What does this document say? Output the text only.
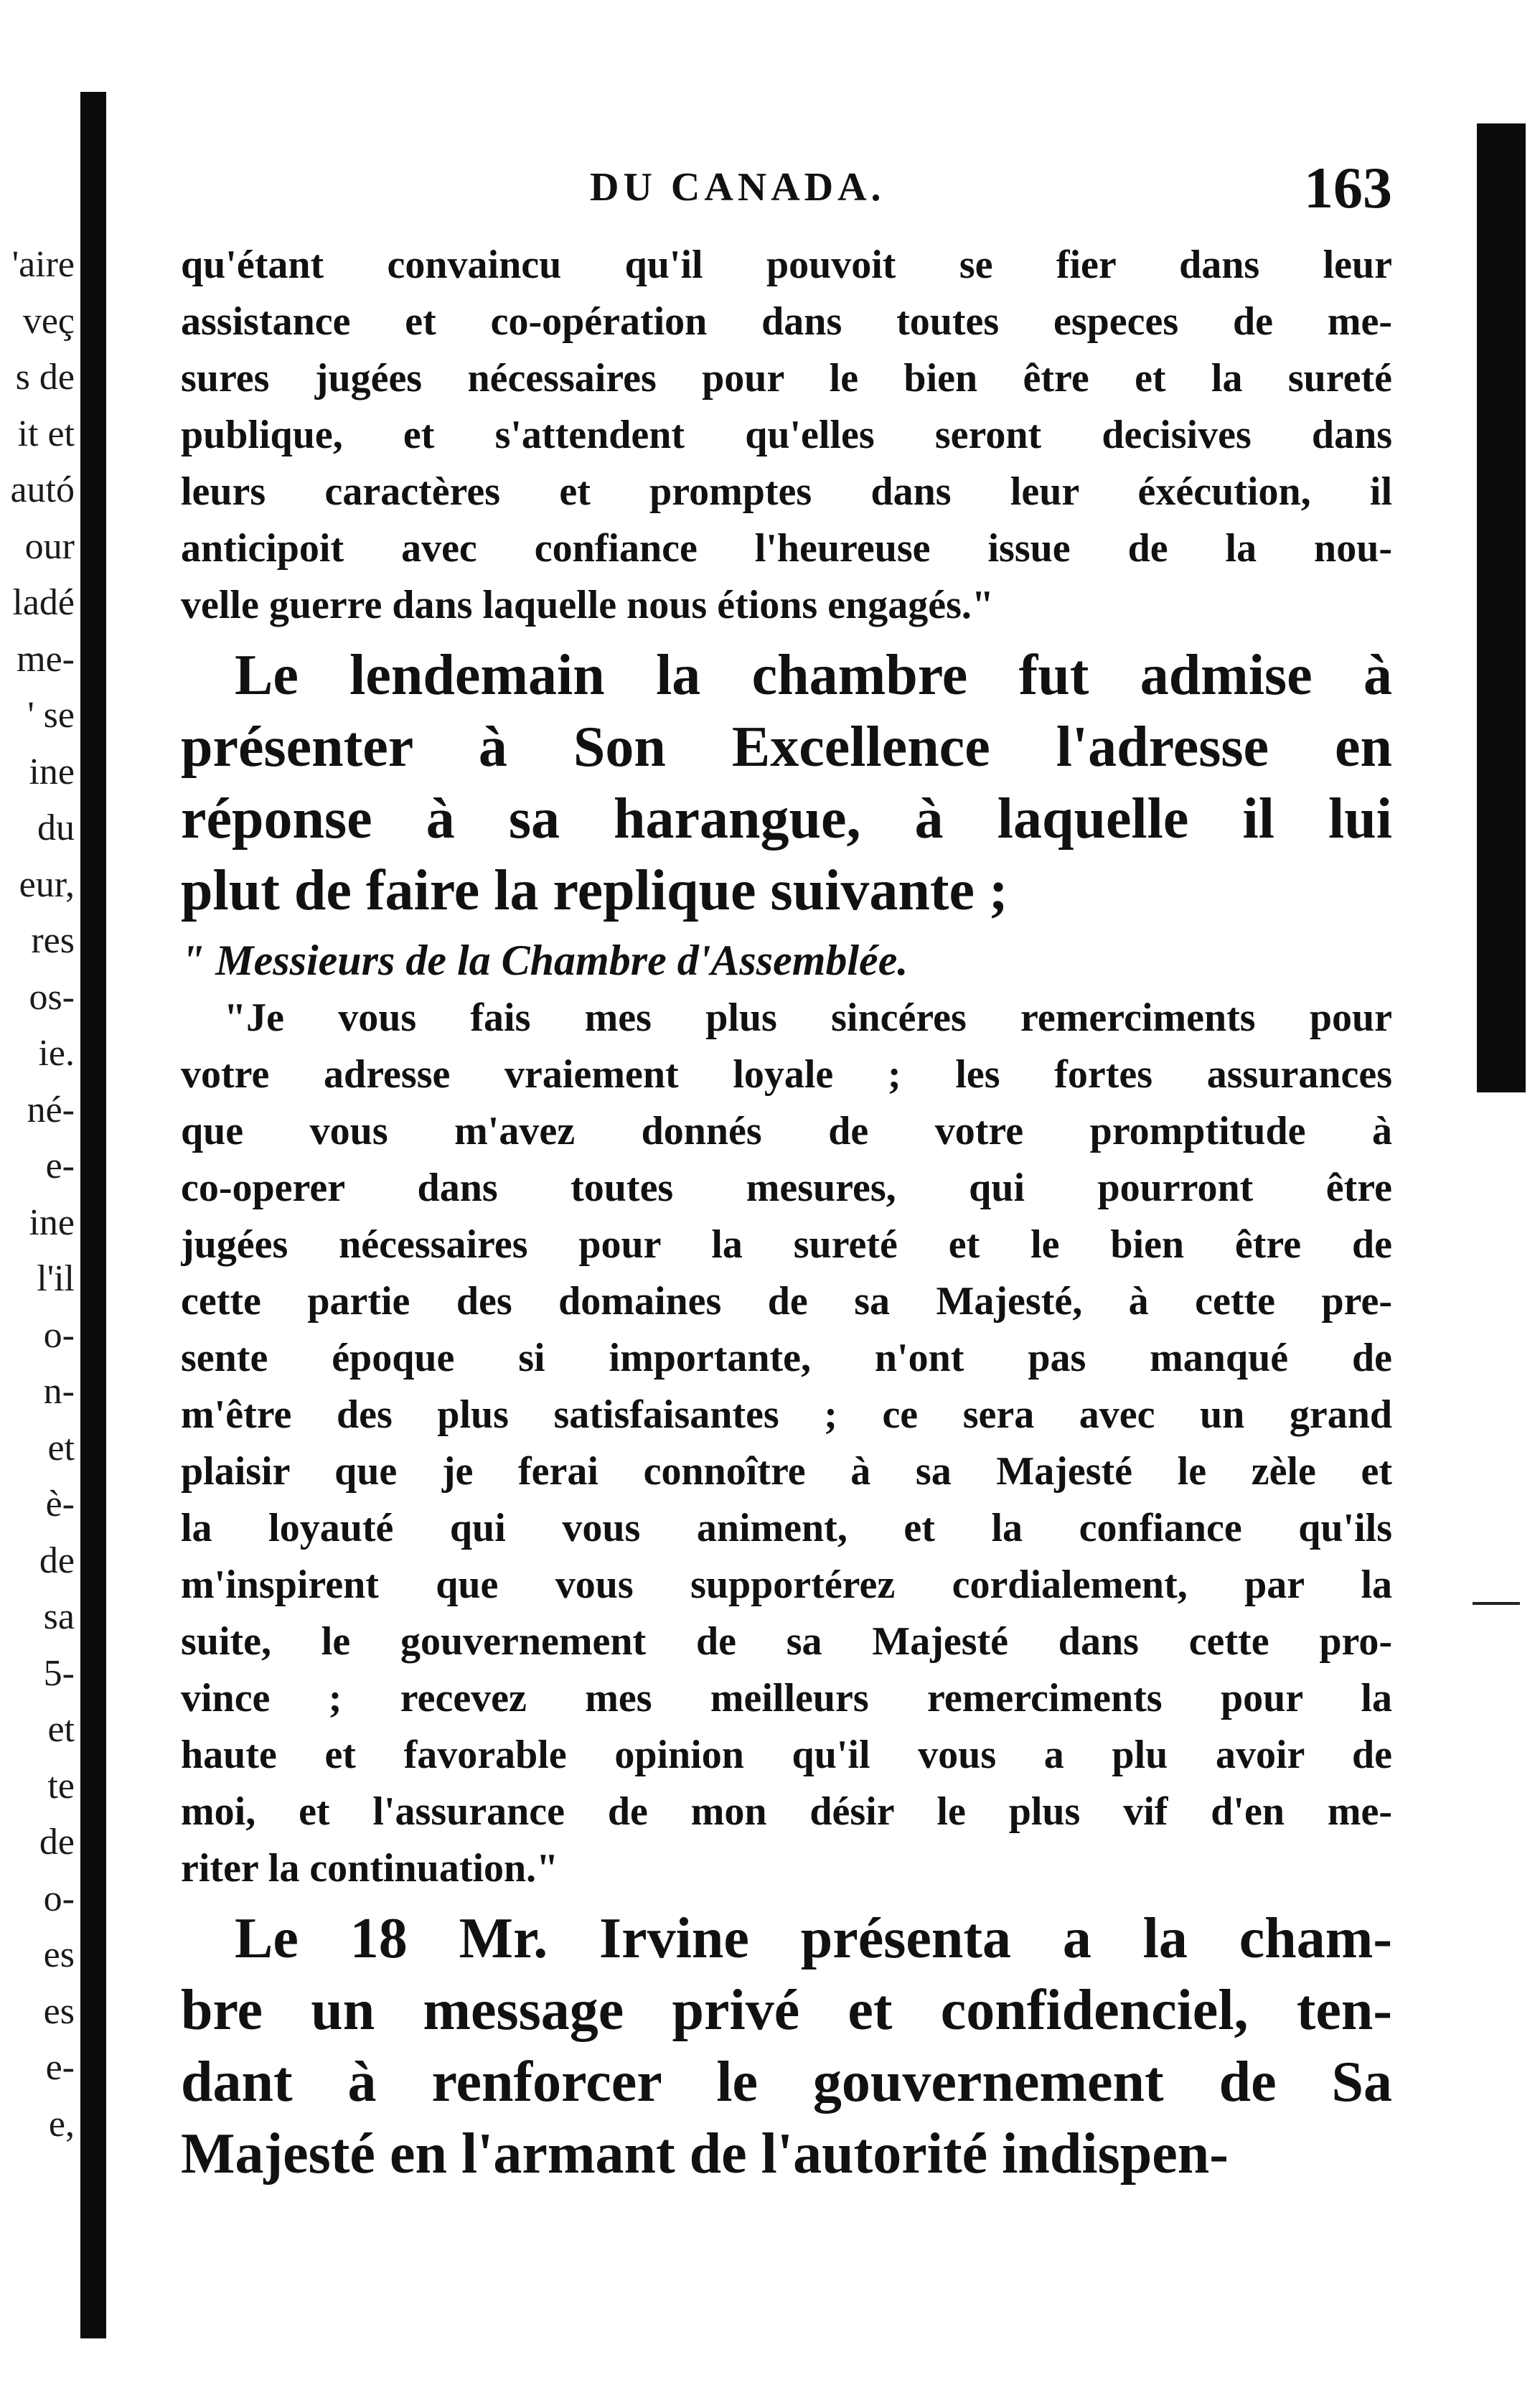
'aire
veç
s de
it et
autó
our
ladé
me-
' se
ine
du
eur,
res
os-
ie.
né-
e-
ine
l'il
o-
n-
et
è-
de
sa
5-
et
te
de
o-
es
es
e-
e,
DU CANADA.	163
qu'étant convaincu qu'il pouvoit se fier dans leur
assistance et co-opération dans toutes especes de me-
sures jugées nécessaires pour le bien être et la sureté
publique, et s'attendent qu'elles seront decisives dans
leurs caractères et promptes dans leur éxécution, il
anticipoit avec confiance l'heureuse issue de la nou-
velle guerre dans laquelle nous étions engagés."
Le lendemain la chambre fut admise à
présenter à Son Excellence l'adresse en
réponse à sa harangue, à laquelle il lui
plut de faire la replique suivante ;
" Messieurs de la Chambre d'Assemblée.
"Je vous fais mes plus sincéres remerciments pour
votre adresse vraiement loyale ; les fortes assurances
que vous m'avez donnés de votre promptitude à
co-operer dans toutes mesures, qui pourront être
jugées nécessaires pour la sureté et le bien être de
cette partie des domaines de sa Majesté, à cette pre-
sente époque si importante, n'ont pas manqué de
m'être des plus satisfaisantes ; ce sera avec un grand
plaisir que je ferai connoître à sa Majesté le zèle et
la loyauté qui vous animent, et la confiance qu'ils
m'inspirent que vous supportérez cordialement, par la
suite, le gouvernement de sa Majesté dans cette pro-
vince ; recevez mes meilleurs remerciments pour la
haute et favorable opinion qu'il vous a plu avoir de
moi, et l'assurance de mon désir le plus vif d'en me-
riter la continuation."
Le 18 Mr. Irvine présenta a la cham-
bre un message privé et confidenciel, ten-
dant à renforcer le gouvernement de Sa
Majesté en l'armant de l'autorité indispen-
